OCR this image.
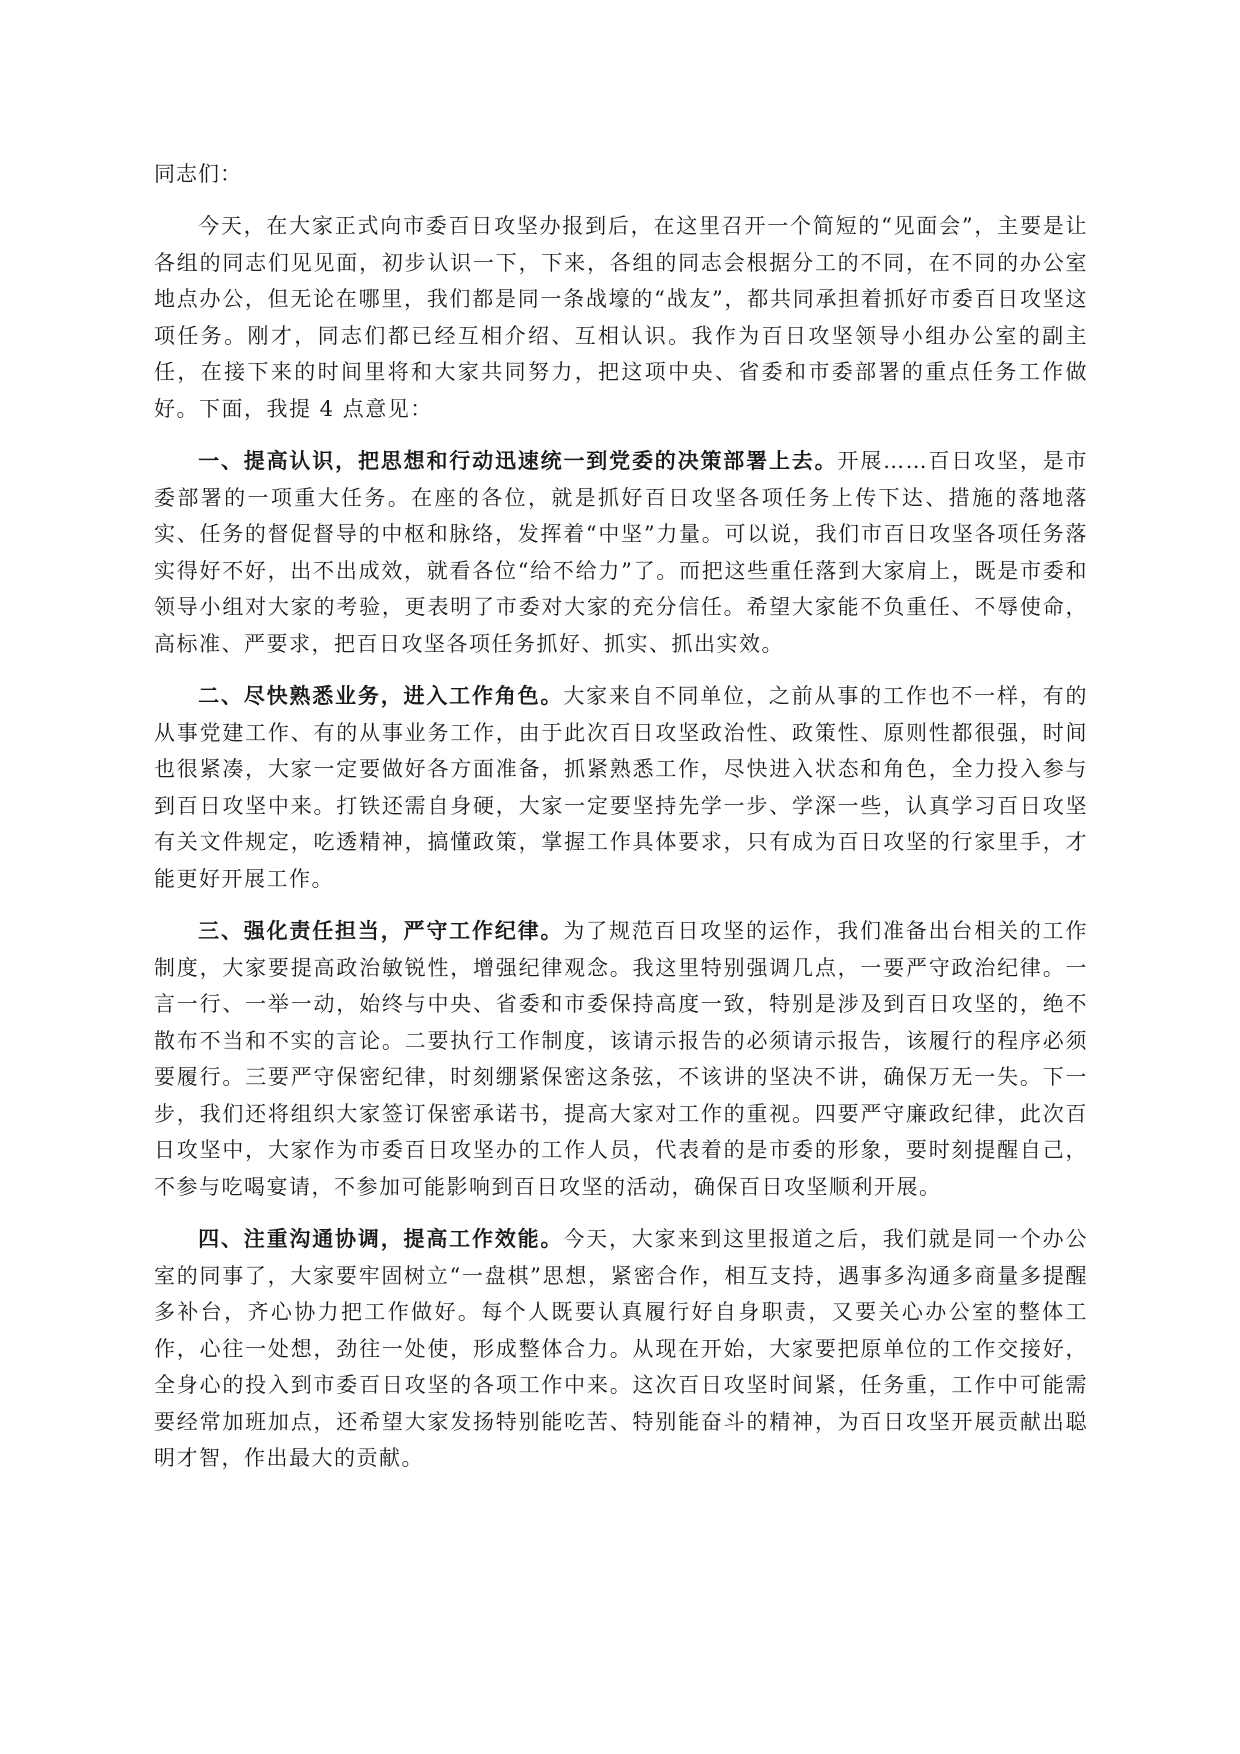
同志们：

今天，在大家正式向市委百日攻坚办报到后，在这里召开一个简短的“见面会”，主要是让各组的同志们见见面，初步认识一下，下来，各组的同志会根据分工的不同，在不同的办公室地点办公，但无论在哪里，我们都是同一条战壕的“战友”，都共同承担着抓好市委百日攻坚这项任务。刚才，同志们都已经互相介绍、互相认识。我作为百日攻坚领导小组办公室的副主任，在接下来的时间里将和大家共同努力，把这项中央、省委和市委部署的重点任务工作做好。下面，我提 4 点意见：

一、提高认识，把思想和行动迅速统一到党委的决策部署上去。开展……百日攻坚，是市委部署的一项重大任务。在座的各位，就是抓好百日攻坚各项任务上传下达、措施的落地落实、任务的督促督导的中枢和脉络，发挥着“中坚”力量。可以说，我们市百日攻坚各项任务落实得好不好，出不出成效，就看各位“给不给力”了。而把这些重任落到大家肩上，既是市委和领导小组对大家的考验，更表明了市委对大家的充分信任。希望大家能不负重任、不辱使命，高标准、严要求，把百日攻坚各项任务抓好、抓实、抓出实效。

二、尽快熟悉业务，进入工作角色。大家来自不同单位，之前从事的工作也不一样，有的从事党建工作、有的从事业务工作，由于此次百日攻坚政治性、政策性、原则性都很强，时间也很紧凑，大家一定要做好各方面准备，抓紧熟悉工作，尽快进入状态和角色，全力投入参与到百日攻坚中来。打铁还需自身硬，大家一定要坚持先学一步、学深一些，认真学习百日攻坚有关文件规定，吃透精神，搞懂政策，掌握工作具体要求，只有成为百日攻坚的行家里手，才能更好开展工作。

三、强化责任担当，严守工作纪律。为了规范百日攻坚的运作，我们准备出台相关的工作制度，大家要提高政治敏锐性，增强纪律观念。我这里特别强调几点，一要严守政治纪律。一言一行、一举一动，始终与中央、省委和市委保持高度一致，特别是涉及到百日攻坚的，绝不散布不当和不实的言论。二要执行工作制度，该请示报告的必须请示报告，该履行的程序必须要履行。三要严守保密纪律，时刻绷紧保密这条弦，不该讲的坚决不讲，确保万无一失。下一步，我们还将组织大家签订保密承诺书，提高大家对工作的重视。四要严守廉政纪律，此次百日攻坚中，大家作为市委百日攻坚办的工作人员，代表着的是市委的形象，要时刻提醒自己，不参与吃喝宴请，不参加可能影响到百日攻坚的活动，确保百日攻坚顺利开展。

四、注重沟通协调，提高工作效能。今天，大家来到这里报道之后，我们就是同一个办公室的同事了，大家要牢固树立“一盘棋”思想，紧密合作，相互支持，遇事多沟通多商量多提醒多补台，齐心协力把工作做好。每个人既要认真履行好自身职责，又要关心办公室的整体工作，心往一处想，劲往一处使，形成整体合力。从现在开始，大家要把原单位的工作交接好，全身心的投入到市委百日攻坚的各项工作中来。这次百日攻坚时间紧，任务重，工作中可能需要经常加班加点，还希望大家发扬特别能吃苦、特别能奋斗的精神，为百日攻坚开展贡献出聪明才智，作出最大的贡献。
